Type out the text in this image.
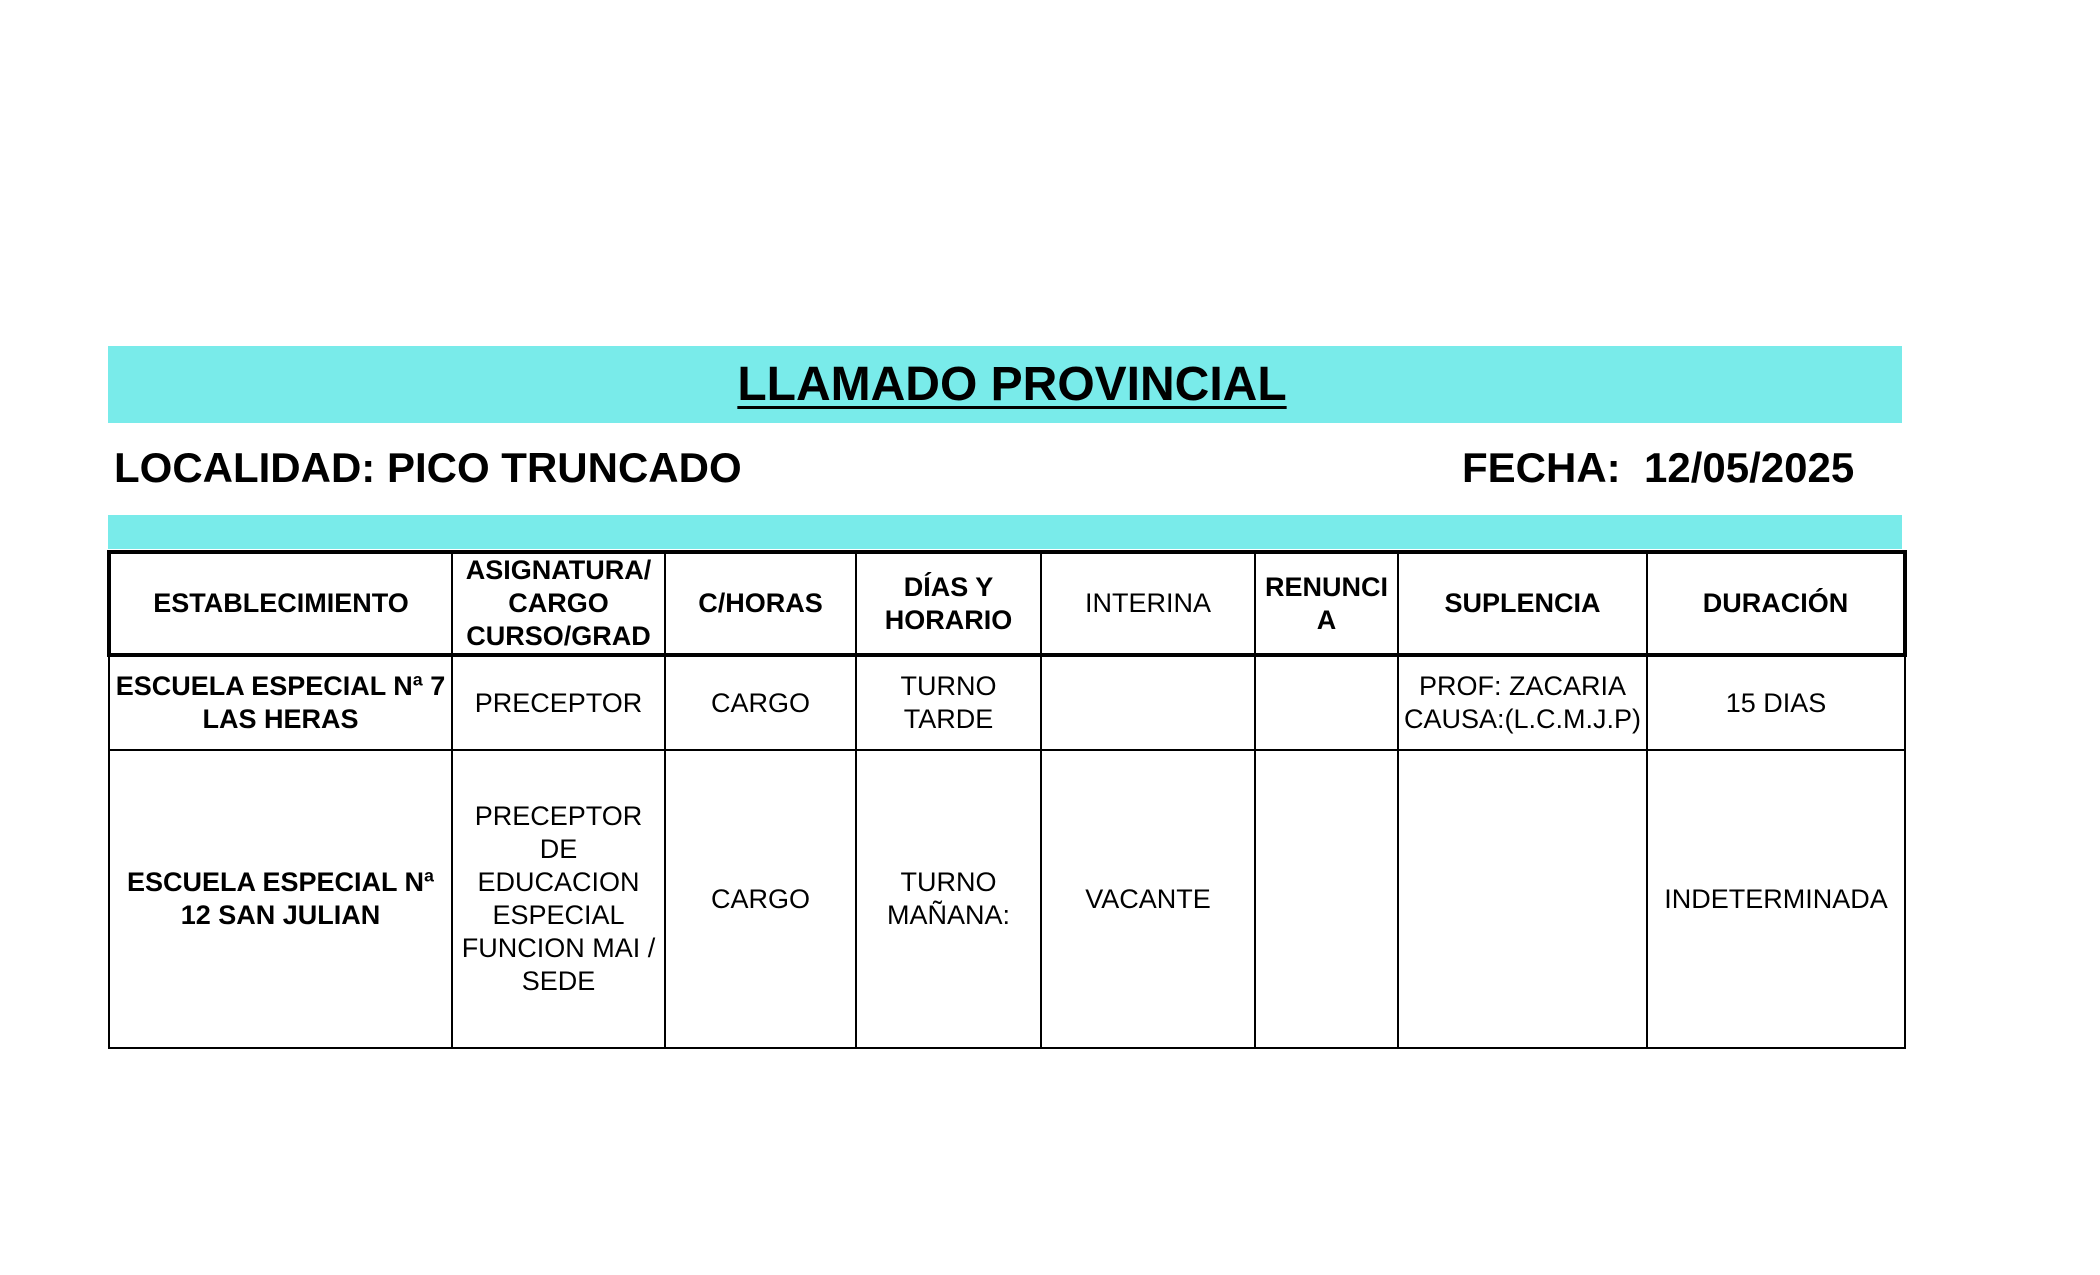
LLAMADO PROVINCIAL
LOCALIDAD: PICO TRUNCADO	FECHA:  12/05/2025
ESTABLECIMIENTO	ASIGNATURA/ CARGO CURSO/GRAD	C/HORAS	DÍAS Y HORARIO	INTERINA	RENUNCI A	SUPLENCIA	DURACIÓN
ESCUELA ESPECIAL Nª 7 LAS HERAS	PRECEPTOR	CARGO	TURNO TARDE			PROF: ZACARIA CAUSA:(L.C.M.J.P)	15 DIAS
ESCUELA ESPECIAL Nª 12 SAN JULIAN	PRECEPTOR DE EDUCACION ESPECIAL FUNCION MAI / SEDE	CARGO	TURNO MAÑANA:	VACANTE			INDETERMINADA
